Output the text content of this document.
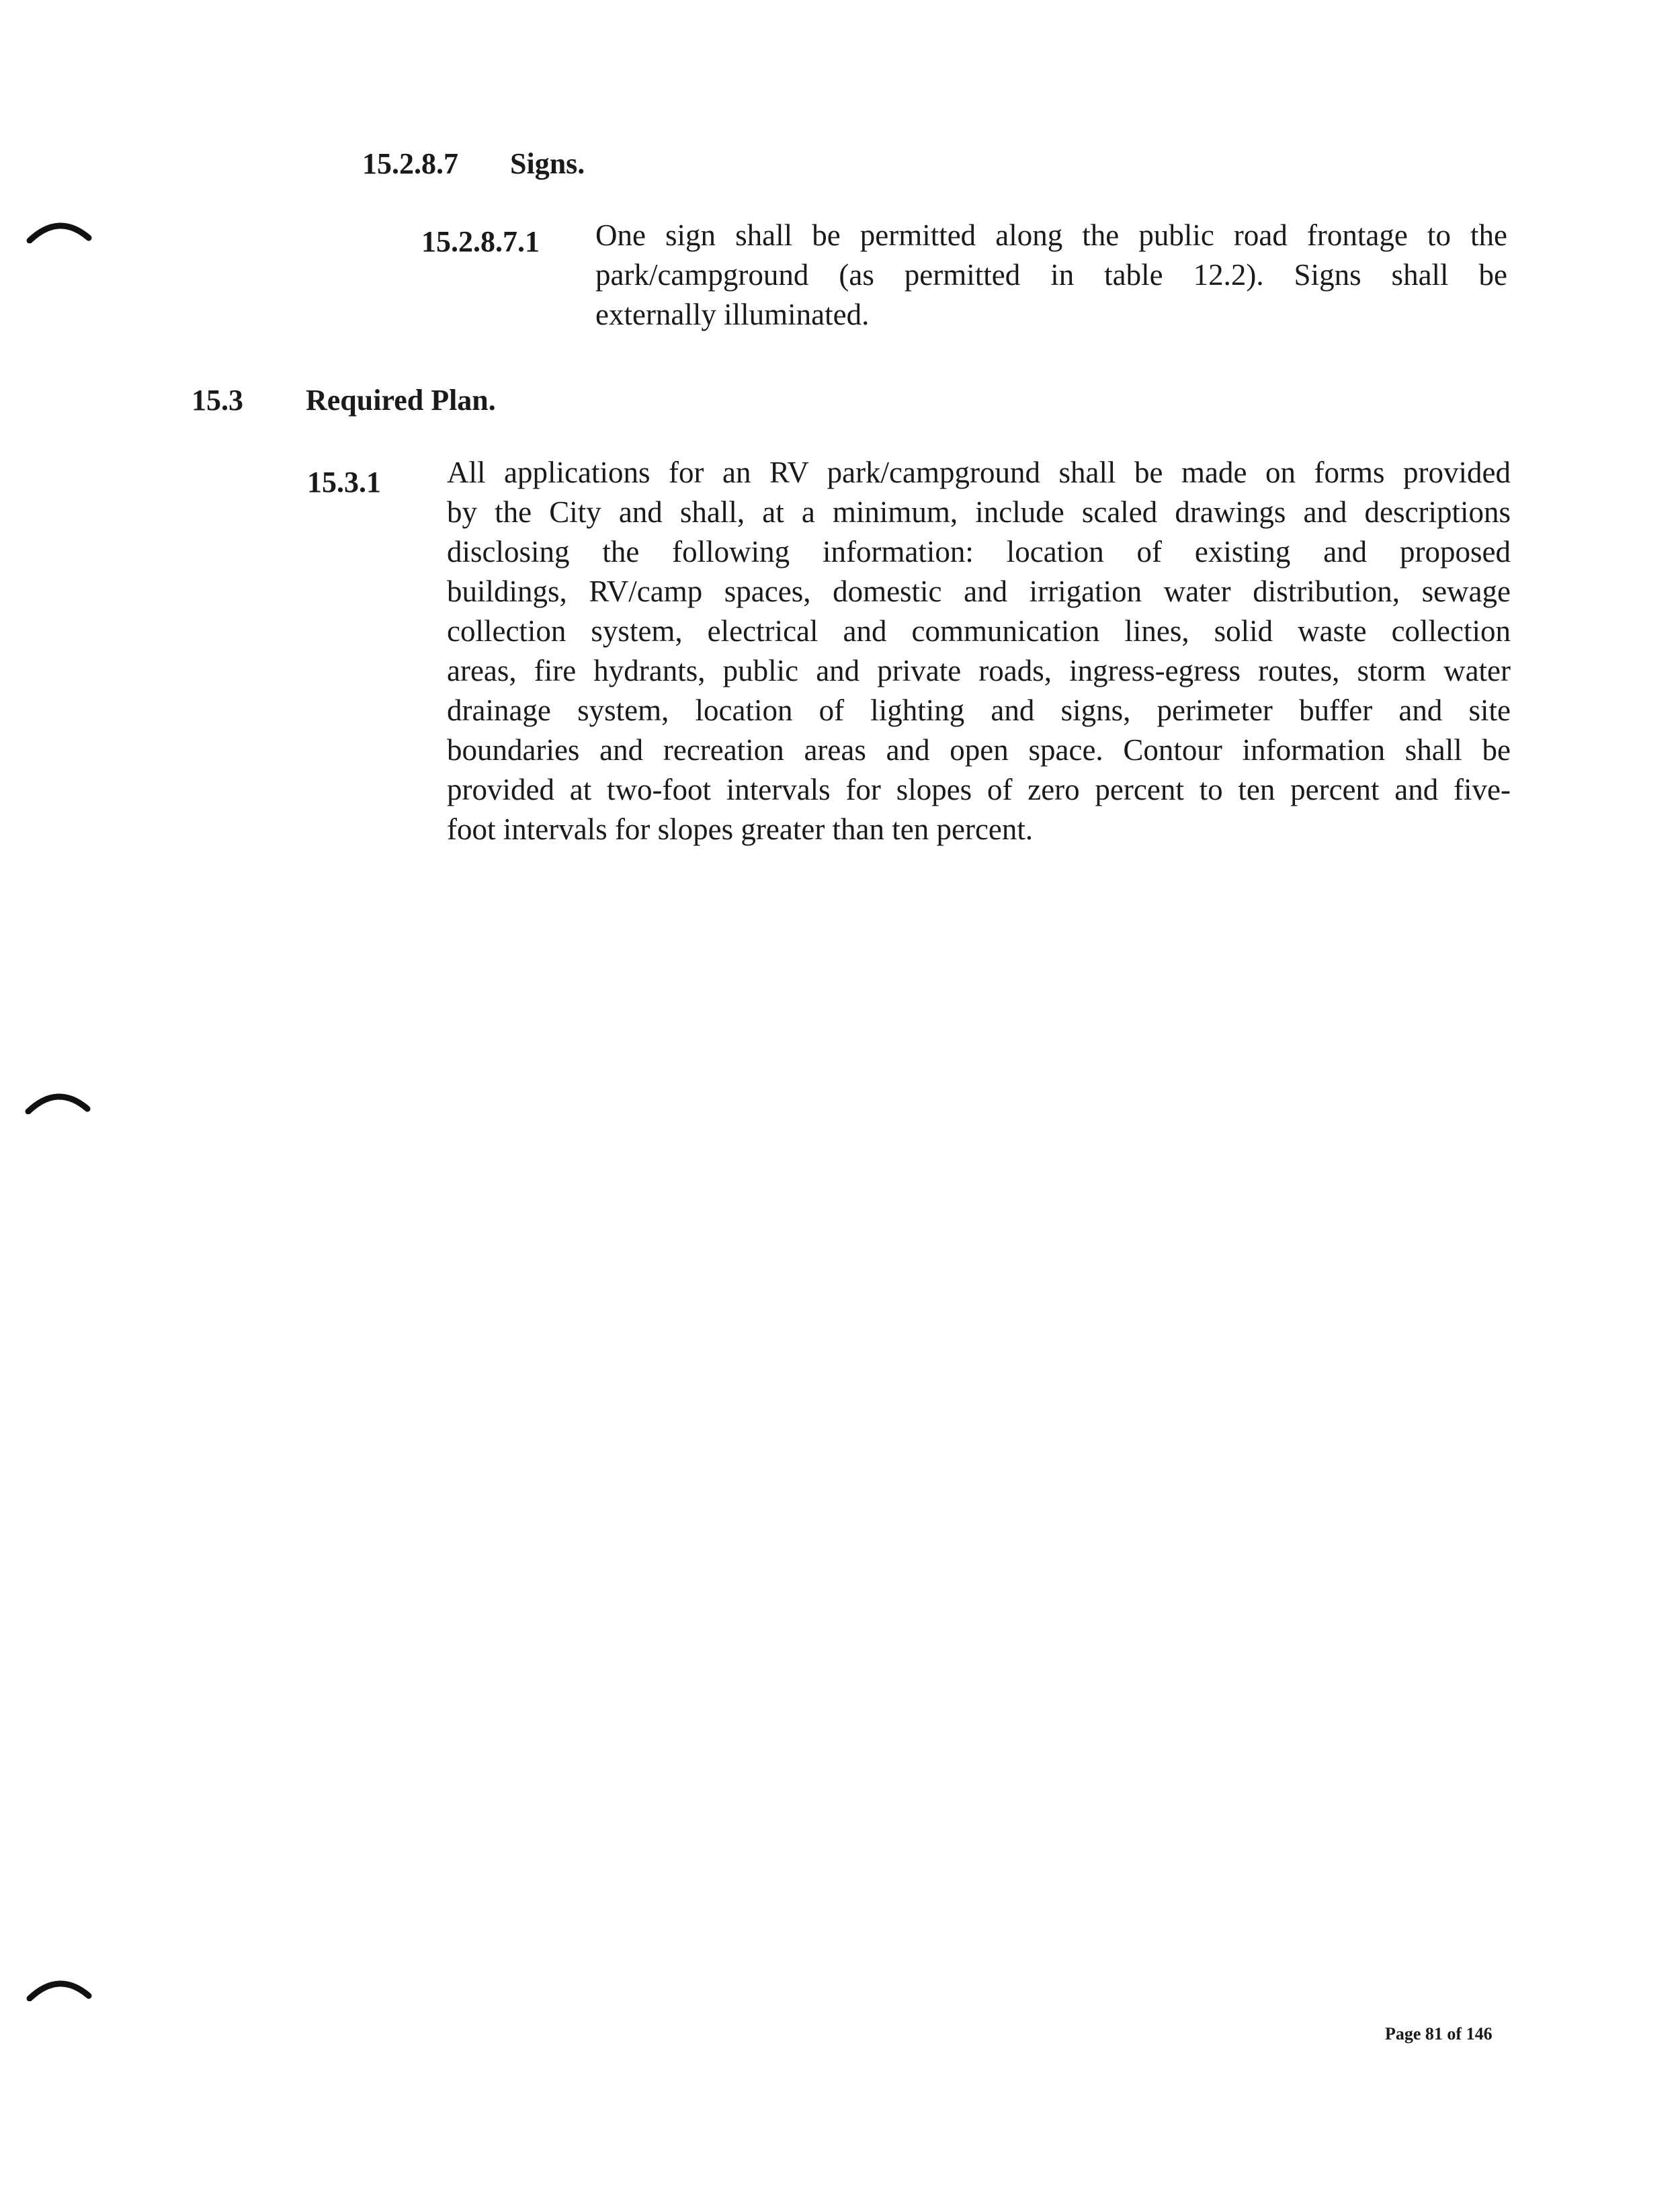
15.2.8.7 Signs.
15.2.8.7.1 One sign shall be permitted along the public road frontage to the
park/campground (as permitted in table 12.2). Signs shall be
externally illuminated.
15.3 Required Plan.
15.3.1 All applications for an RV park/campground shall be made on forms provided
by the City and shall, at a minimum, include scaled drawings and descriptions
disclosing the following information: location of existing and proposed
buildings, RV/camp spaces, domestic and irrigation water distribution, sewage
collection system, electrical and communication lines, solid waste collection
areas, fire hydrants, public and private roads, ingress-egress routes, storm water
drainage system, location of lighting and signs, perimeter buffer and site
boundaries and recreation areas and open space. Contour information shall be
provided at two-foot intervals for slopes of zero percent to ten percent and five-
foot intervals for slopes greater than ten percent.
Page 81 of 146
